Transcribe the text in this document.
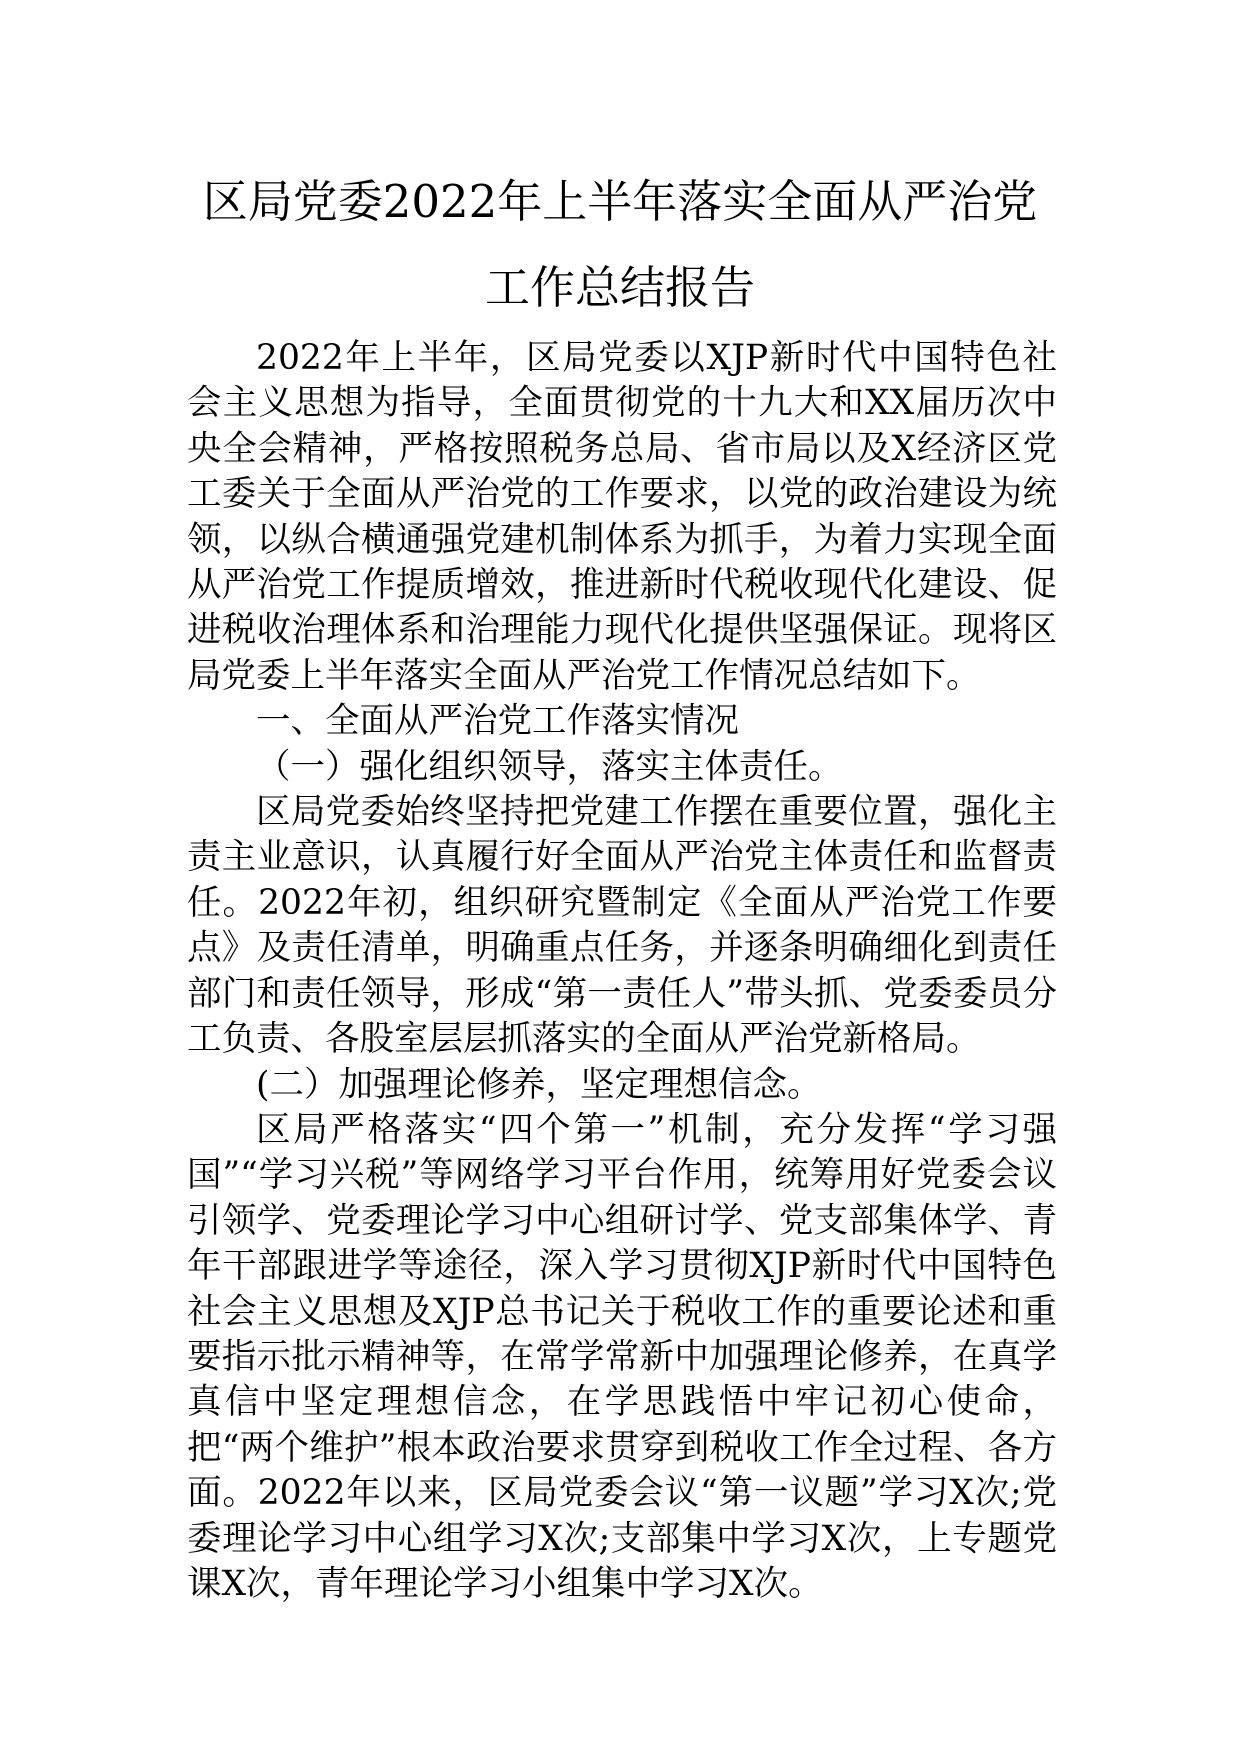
区局党委2022年上半年落实全面从严治党
工作总结报告

2022年上半年，区局党委以XJP新时代中国特色社会主义思想为指导，全面贯彻党的十九大和XX届历次中央全会精神，严格按照税务总局、省市局以及X经济区党工委关于全面从严治党的工作要求，以党的政治建设为统领，以纵合横通强党建机制体系为抓手，为着力实现全面从严治党工作提质增效，推进新时代税收现代化建设、促进税收治理体系和治理能力现代化提供坚强保证。现将区局党委上半年落实全面从严治党工作情况总结如下。

一、全面从严治党工作落实情况

（一）强化组织领导，落实主体责任。

区局党委始终坚持把党建工作摆在重要位置，强化主责主业意识，认真履行好全面从严治党主体责任和监督责任。2022年初，组织研究暨制定《全面从严治党工作要点》及责任清单，明确重点任务，并逐条明确细化到责任部门和责任领导，形成“第一责任人”带头抓、党委委员分工负责、各股室层层抓落实的全面从严治党新格局。

(二）加强理论修养，坚定理想信念。

区局严格落实“四个第一”机制，充分发挥“学习强国”“学习兴税”等网络学习平台作用，统筹用好党委会议引领学、党委理论学习中心组研讨学、党支部集体学、青年干部跟进学等途径，深入学习贯彻XJP新时代中国特色社会主义思想及XJP总书记关于税收工作的重要论述和重要指示批示精神等，在常学常新中加强理论修养，在真学真信中坚定理想信念，在学思践悟中牢记初心使命，把“两个维护”根本政治要求贯穿到税收工作全过程、各方面。2022年以来，区局党委会议“第一议题”学习X次;党委理论学习中心组学习X次;支部集中学习X次，上专题党课X次，青年理论学习小组集中学习X次。
